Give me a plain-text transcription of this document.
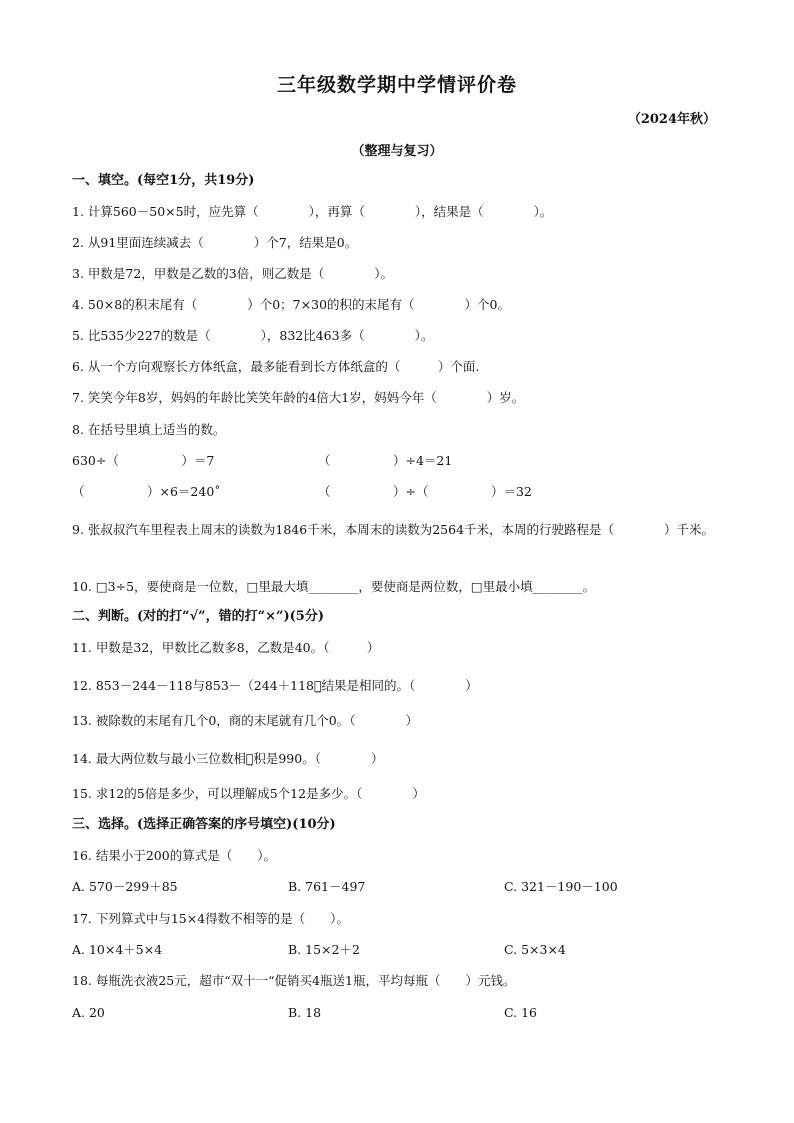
三年级数学期中学情评价卷
（2024年秋）
（整理与复习）
一、填空。(每空1分，共19分)
1. 计算560－50×5时，应先算（　　　　），再算（　　　　），结果是（　　　　）。
2. 从91里面连续减去（　　　　）个7，结果是0。
3. 甲数是72，甲数是乙数的3倍，则乙数是（　　　　）。
4. 50×8的积末尾有（　　　　）个0；7×30的积的末尾有（　　　　）个0。
5. 比535少227的数是（　　　　），832比463多（　　　　）。
6. 从一个方向观察长方体纸盒，最多能看到长方体纸盒的（　　　）个面.
7. 笑笑今年8岁，妈妈的年龄比笑笑年龄的4倍大1岁，妈妈今年（　　　　）岁。
8. 在括号里填上适当的数。
630÷（　　　　　）＝7	（　　　　　）÷4＝21
（　　　　　）×6＝240˚	（　　　　　）÷（　　　　　）＝32
9. 张叔叔汽车里程表上周末的读数为1846千米，本周末的读数为2564千米，本周的行驶路程是（　　　　）千米。
10. □3÷5，要使商是一位数，□里最大填________，要使商是两位数，□里最小填________。
二、判断。(对的打“√”，错的打“×”)(5分)
11. 甲数是32，甲数比乙数多8，乙数是40。（　　　）
12. 853－244－118与853－（244＋118）̤结果是相同的。（　　　　）
13. 被除数的末尾有几个0，商的末尾就有几个0。（　　　　）
14. 最大两位数与最小三位数相乘̤积是990。（　　　　）
15. 求12的5倍是多少，可以理解成5个12是多少。（　　　　）
三、选择。(选择正确答案的序号填空)(10分)
16. 结果小于200的算式是（　　）。
A. 570－299＋85	B. 761－497	C. 321－190－100
17. 下列算式中与15×4得数不相等的是（　　）。
A. 10×4＋5×4	B. 15×2＋2	C. 5×3×4
18. 每瓶洗衣液25元，超市“双十一“促销买4瓶送1瓶，平均每瓶（　　）元钱。
A. 20	B. 18	C. 16
